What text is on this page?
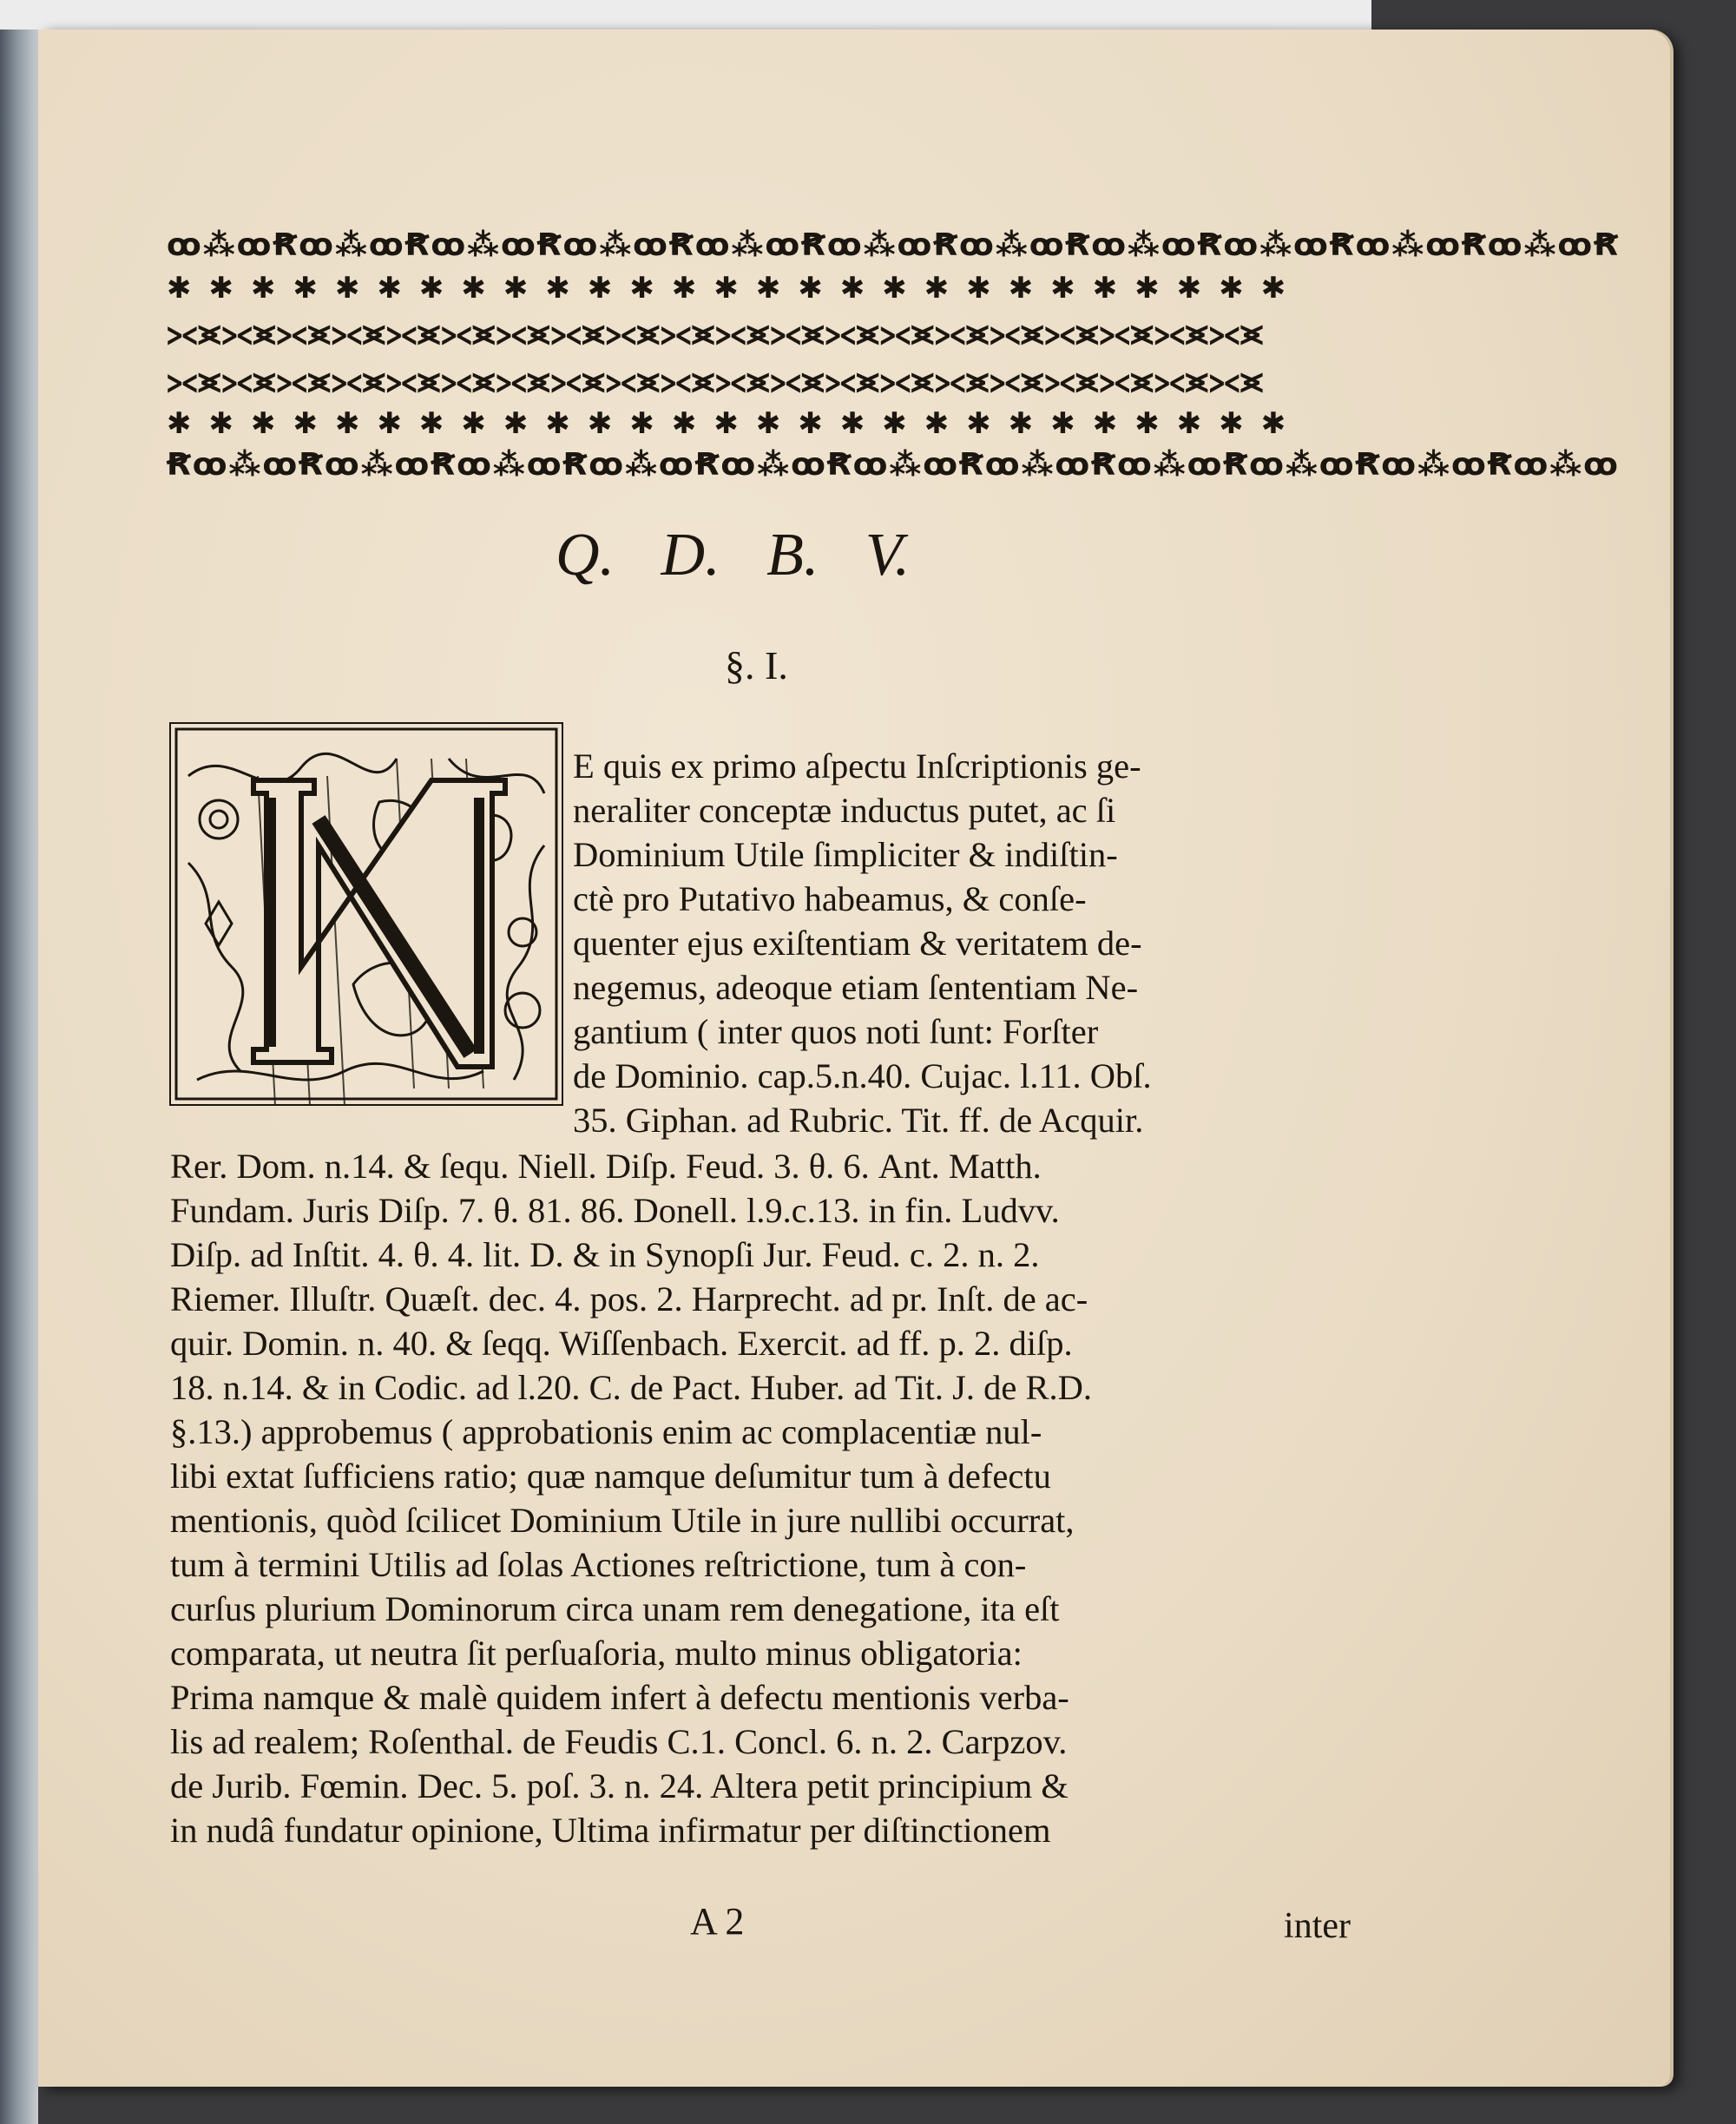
ꝏ⁂ꝏꞦꝏ⁂ꝏꞦꝏ⁂ꝏꞦꝏ⁂ꝏꞦꝏ⁂ꝏꞦꝏ⁂ꝏꞦꝏ⁂ꝏꞦꝏ⁂ꝏꞦꝏ⁂ꝏꞦꝏ⁂ꝏꞦꝏ⁂ꝏꞦ
✱✱✱✱✱✱✱✱✱✱✱✱✱✱✱✱✱✱✱✱✱✱✱✱✱✱✱
⪥⪤⪥⪤⪥⪤⪥⪤⪥⪤⪥⪤⪥⪤⪥⪤⪥⪤⪥⪤⪥⪤⪥⪤⪥⪤⪥⪤⪥⪤⪥⪤⪥⪤⪥⪤⪥⪤⪥⪤
⪥⪤⪥⪤⪥⪤⪥⪤⪥⪤⪥⪤⪥⪤⪥⪤⪥⪤⪥⪤⪥⪤⪥⪤⪥⪤⪥⪤⪥⪤⪥⪤⪥⪤⪥⪤⪥⪤⪥⪤
✱✱✱✱✱✱✱✱✱✱✱✱✱✱✱✱✱✱✱✱✱✱✱✱✱✱✱
Ꞧꝏ⁂ꝏꞦꝏ⁂ꝏꞦꝏ⁂ꝏꞦꝏ⁂ꝏꞦꝏ⁂ꝏꞦꝏ⁂ꝏꞦꝏ⁂ꝏꞦꝏ⁂ꝏꞦꝏ⁂ꝏꞦꝏ⁂ꝏꞦꝏ⁂ꝏ
Q. D. B. V.
§. I.

E quis ex primo aſpectu Inſcriptionis ge-

neraliter conceptæ inductus putet, ac ſi

Dominium Utile ſimpliciter & indiſtin-

ctè pro Putativo habeamus, & conſe-

quenter ejus exiſtentiam & veritatem de-

negemus, adeoque etiam ſententiam Ne-

gantium ( inter quos noti ſunt: Forſter

de Dominio. cap.5.n.40. Cujac. l.11. Obſ.

35. Giphan. ad Rubric. Tit. ff. de Acquir.

Rer. Dom. n.14. & ſequ. Niell. Diſp. Feud. 3. θ. 6. Ant. Matth.

Fundam. Juris Diſp. 7. θ. 81. 86. Donell. l.9.c.13. in fin. Ludvv.

Diſp. ad Inſtit. 4. θ. 4. lit. D. & in Synopſi Jur. Feud. c. 2. n. 2.

Riemer. Illuſtr. Quæſt. dec. 4. pos. 2. Harprecht. ad pr. Inſt. de ac-

quir. Domin. n. 40. & ſeqq. Wiſſenbach. Exercit. ad ff. p. 2. diſp.

18. n.14. & in Codic. ad l.20. C. de Pact. Huber. ad Tit. J. de R.D.

§.13.) approbemus ( approbationis enim ac complacentiæ nul-

libi extat ſufficiens ratio; quæ namque deſumitur tum à defectu

mentionis, quòd ſcilicet Dominium Utile in jure nullibi occurrat,

tum à termini Utilis ad ſolas Actiones reſtrictione, tum à con-

curſus plurium Dominorum circa unam rem denegatione, ita eſt

comparata, ut neutra ſit perſuaſoria, multo minus obligatoria:

Prima namque & malè quidem infert à defectu mentionis verba-

lis ad realem; Roſenthal. de Feudis C.1. Concl. 6. n. 2. Carpzov.

de Jurib. Fœmin. Dec. 5. poſ. 3. n. 24. Altera petit principium &

in nudâ fundatur opinione, Ultima infirmatur per diſtinctionem

A 2	inter
